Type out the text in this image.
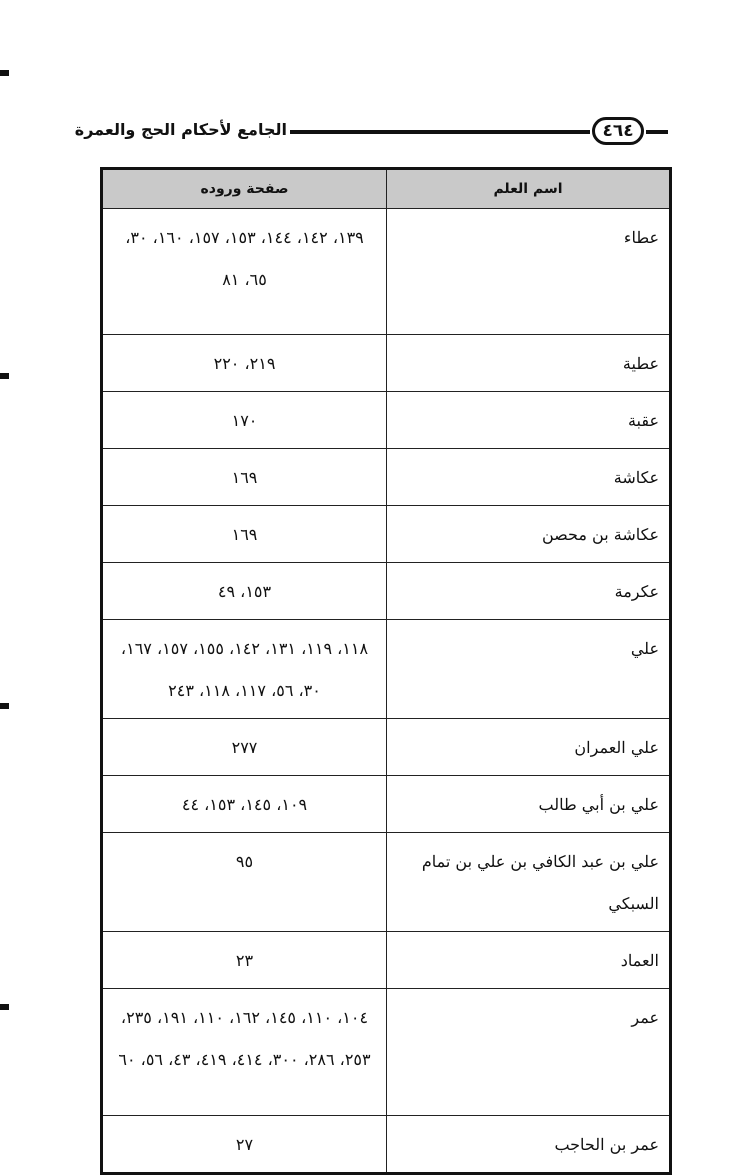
٤٦٤
الجامع لأحكام الحج والعمرة
اسم العلم	صفحة وروده
عطاء	١٣٩، ١٤٢، ١٤٤، ١٥٣، ١٥٧، ١٦٠، ٣٠، ٦٥، ٨١
عطية	٢١٩، ٢٢٠
عقبة	١٧٠
عكاشة	١٦٩
عكاشة بن محصن	١٦٩
عكرمة	١٥٣، ٤٩
علي	١١٨، ١١٩، ١٣١، ١٤٢، ١٥٥، ١٥٧، ١٦٧، ٣٠، ٥٦، ١١٧، ١١٨، ٢٤٣
علي العمران	٢٧٧
علي بن أبي طالب	١٠٩، ١٤٥، ١٥٣، ٤٤
علي بن عبد الكافي بن علي بن تمام السبكي	٩٥
العماد	٢٣
عمر	١٠٤، ١١٠، ١٤٥، ١٦٢، ١١٠، ١٩١، ٢٣٥، ٢٥٣، ٢٨٦، ٣٠٠، ٤١٤، ٤١٩، ٤٣، ٥٦، ٦٠
عمر بن الحاجب	٢٧
